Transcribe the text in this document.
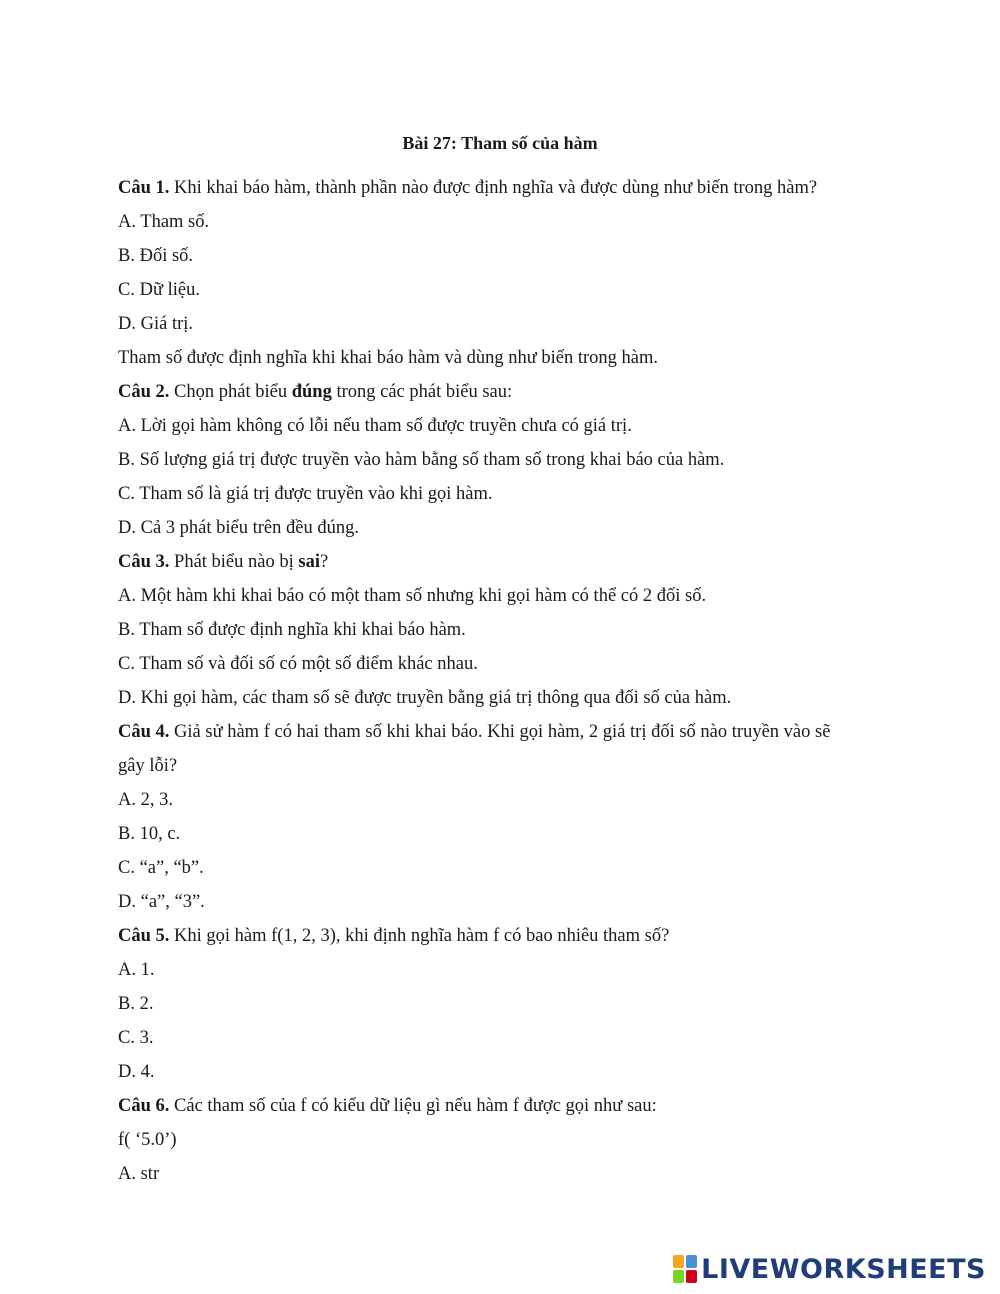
Bài 27: Tham số của hàm
Câu 1. Khi khai báo hàm, thành phần nào được định nghĩa và được dùng như biến trong hàm?
A. Tham số.
B. Đối số.
C. Dữ liệu.
D. Giá trị.
Tham số được định nghĩa khi khai báo hàm và dùng như biến trong hàm.
Câu 2. Chọn phát biểu đúng trong các phát biểu sau:
A. Lời gọi hàm không có lỗi nếu tham số được truyền chưa có giá trị.
B. Số lượng giá trị được truyền vào hàm bằng số tham số trong khai báo của hàm.
C. Tham số là giá trị được truyền vào khi gọi hàm.
D. Cả 3 phát biểu trên đều đúng.
Câu 3. Phát biểu nào bị sai?
A. Một hàm khi khai báo có một tham số nhưng khi gọi hàm có thể có 2 đối số.
B. Tham số được định nghĩa khi khai báo hàm.
C. Tham số và đối số có một số điểm khác nhau.
D. Khi gọi hàm, các tham số sẽ được truyền bằng giá trị thông qua đối số của hàm.
Câu 4. Giả sử hàm f có hai tham số khi khai báo. Khi gọi hàm, 2 giá trị đối số nào truyền vào sẽ
gây lỗi?
A. 2, 3.
B. 10, c.
C. “a”, “b”.
D. “a”, “3”.
Câu 5. Khi gọi hàm f(1, 2, 3), khi định nghĩa hàm f có bao nhiêu tham số?
A. 1.
B. 2.
C. 3.
D. 4.
Câu 6. Các tham số của f có kiểu dữ liệu gì nếu hàm f được gọi như sau:
f( ‘5.0’)
A. str
LIVEWORKSHEETS
